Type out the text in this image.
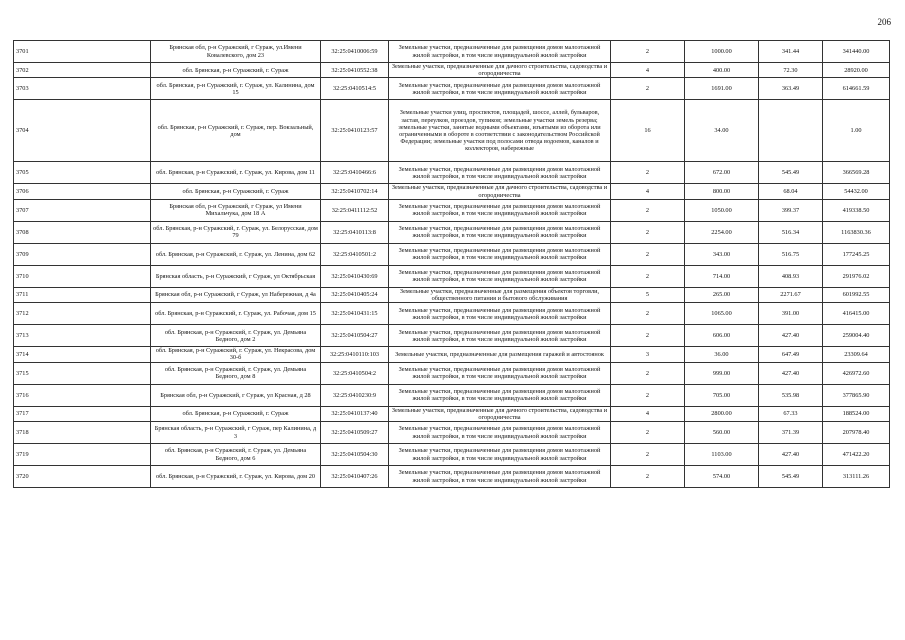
206
3701	Брянская обл, р-н Суражский, г Сураж, ул.Имени Ковалевского, дом 23	32:25:0410006:59	Земельные участки, предназначенные для размещения домов малоэтажной жилой застройки, в том числе индивидуальной жилой застройки	2	1000.00	341.44	341440.00
3702	обл. Брянская, р-н Суражский, г. Сураж	32:25:0410552:38	Земельные участки, предназначенные для дачного строительства, садоводства и огородничества	4	400.00	72.30	28920.00
3703	обл. Брянская, р-н Суражский, г. Сураж, ул. Калинина, дом 15	32:25:0410514:5	Земельные участки, предназначенные для размещения домов малоэтажной жилой застройки, в том числе индивидуальной жилой застройки	2	1691.00	363.49	614661.59
3704	обл. Брянская, р-н Суражский, г. Сураж, пер. Вокзальный, дом	32:25:0410123:57	Земельные участки улиц, проспектов, площадей, шоссе, аллей, бульваров, застав, переулков, проездов, тупиков; земельные участки земель резерва; земельные участки, занятые водными объектами, изъятыми из оборота или ограниченными в обороте в соответствии с законодательством Российской Федерации; земельные участки под полосами отвода водоемов, каналов и коллекторов, набережные	16	34.00		1.00
3705	обл. Брянская, р-н Суражский, г. Сураж, ул. Кирова, дом 11	32:25:0410466:6	Земельные участки, предназначенные для размещения домов малоэтажной жилой застройки, в том числе индивидуальной жилой застройки	2	672.00	545.49	366569.28
3706	обл. Брянская, р-н Суражский, г. Сураж	32:25:0410702:14	Земельные участки, предназначенные для дачного строительства, садоводства и огородничества	4	800.00	68.04	54432.00
3707	Брянская обл, р-н Суражский, г Сураж, ул Имени Михальчука, дом 18 А	32:25:0411112:52	Земельные участки, предназначенные для размещения домов малоэтажной жилой застройки, в том числе индивидуальной жилой застройки	2	1050.00	399.37	419338.50
3708	обл. Брянская, р-н Суражский, г. Сураж, ул. Белорусская, дом 79	32:25:0410113:8	Земельные участки, предназначенные для размещения домов малоэтажной жилой застройки, в том числе индивидуальной жилой застройки	2	2254.00	516.34	1163830.36
3709	обл. Брянская, р-н Суражский, г. Сураж, ул. Ленина, дом 62	32:25:0410501:2	Земельные участки, предназначенные для размещения домов малоэтажной жилой застройки, в том числе индивидуальной жилой застройки	2	343.00	516.75	177245.25
3710	Брянская область, р-н Суражский, г Сураж, ул Октябрьская	32:25:0410430:69	Земельные участки, предназначенные для размещения домов малоэтажной жилой застройки, в том числе индивидуальной жилой застройки	2	714.00	408.93	291976.02
3711	Брянская обл, р-н Суражский, г Сураж, ул Набережная, д 4а	32:25:0410405:24	Земельные участки, предназначенные для размещения объектов торговли, общественного питания и бытового обслуживания	5	265.00	2271.67	601992.55
3712	обл. Брянская, р-н Суражский, г. Сураж, ул. Рабочая, дом 15	32:25:0410431:15	Земельные участки, предназначенные для размещения домов малоэтажной жилой застройки, в том числе индивидуальной жилой застройки	2	1065.00	391.00	416415.00
3713	обл. Брянская, р-н Суражский, г. Сураж, ул. Демьяна Бедного, дом 2	32:25:0410504:27	Земельные участки, предназначенные для размещения домов малоэтажной жилой застройки, в том числе индивидуальной жилой застройки	2	606.00	427.40	259004.40
3714	обл. Брянская, р-н Суражский, г. Сураж, ул. Некрасова, дом 30-б	32:25:0410110:103	Земельные участки, предназначенные для размещения гаражей и автостоянок	3	36.00	647.49	23309.64
3715	обл. Брянская, р-н Суражский, г. Сураж, ул. Демьяна Бедного, дом 8	32:25:0410504:2	Земельные участки, предназначенные для размещения домов малоэтажной жилой застройки, в том числе индивидуальной жилой застройки	2	999.00	427.40	426972.60
3716	Брянская обл, р-н Суражский, г Сураж, ул Красная, д 28	32:25:0410230:9	Земельные участки, предназначенные для размещения домов малоэтажной жилой застройки, в том числе индивидуальной жилой застройки	2	705.00	535.98	377865.90
3717	обл. Брянская, р-н Суражский, г. Сураж	32:25:0410137:40	Земельные участки, предназначенные для дачного строительства, садоводства и огородничества	4	2800.00	67.33	188524.00
3718	Брянская область, р-н Суражский, г Сураж, пер Калинина, д 3	32:25:0410509:27	Земельные участки, предназначенные для размещения домов малоэтажной жилой застройки, в том числе индивидуальной жилой застройки	2	560.00	371.39	207978.40
3719	обл. Брянская, р-н Суражский, г. Сураж, ул. Демьяна Бедного, дом 6	32:25:0410504:30	Земельные участки, предназначенные для размещения домов малоэтажной жилой застройки, в том числе индивидуальной жилой застройки	2	1103.00	427.40	471422.20
3720	обл. Брянская, р-н Суражский, г. Сураж, ул. Кирова, дом 20	32:25:0410407:26	Земельные участки, предназначенные для размещения домов малоэтажной жилой застройки, в том числе индивидуальной жилой застройки	2	574.00	545.49	313111.26
